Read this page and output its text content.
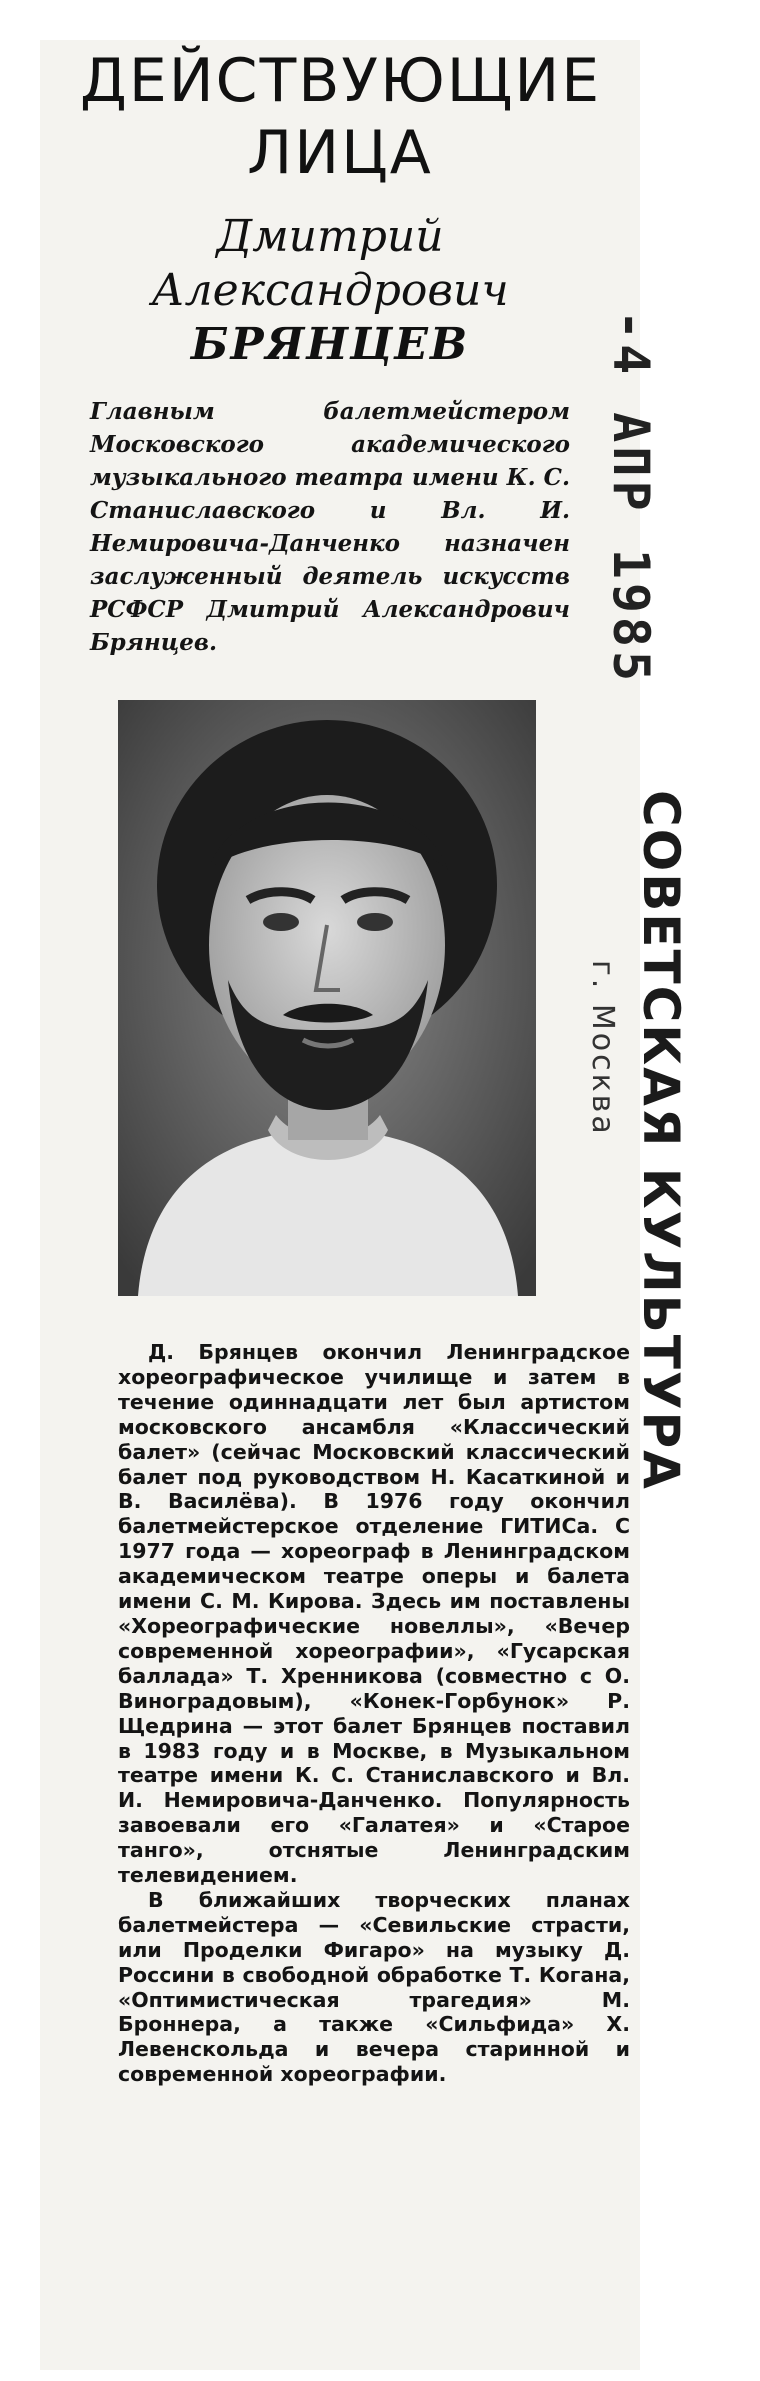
ДЕЙСТВУЮЩИЕ ЛИЦА
Дмитрий
Александрович
БРЯНЦЕВ
Главным балетмейстером Московского академического музыкального театра имени К. С. Станиславского и Вл. И. Немировича-Данченко назначен заслуженный деятель искусств РСФСР Дмитрий Александрович Брянцев.

Д. Брянцев окончил Ленинградское хореографическое училище и затем в течение одиннадцати лет был артистом московского ансамбля «Классический балет» (сейчас Московский классический балет под руководством Н. Касаткиной и В. Василёва). В 1976 году окончил балетмейстерское отделение ГИТИСа. С 1977 года — хореограф в Ленинградском академическом театре оперы и балета имени С. М. Кирова. Здесь им поставлены «Хореографические новеллы», «Вечер современной хореографии», «Гусарская баллада» Т. Хренникова (совместно с О. Виноградовым), «Конек-Горбунок» Р. Щедрина — этот балет Брянцев поставил в 1983 году и в Москве, в Музыкальном театре имени К. С. Станиславского и Вл. И. Немировича-Данченко. Популярность завоевали его «Галатея» и «Старое танго», отснятые Ленинградским телевидением.

В ближайших творческих планах балетмейстера — «Севильские страсти, или Проделки Фигаро» на музыку Д. Россини в свободной обработке Т. Когана, «Оптимистическая трагедия» М. Броннера, а также «Сильфида» Х. Левенскольда и вечера старинной и современной хореографии.

-4 АПР 1985
СОВЕТСКАЯ КУЛЬТУРА
г. Москва
